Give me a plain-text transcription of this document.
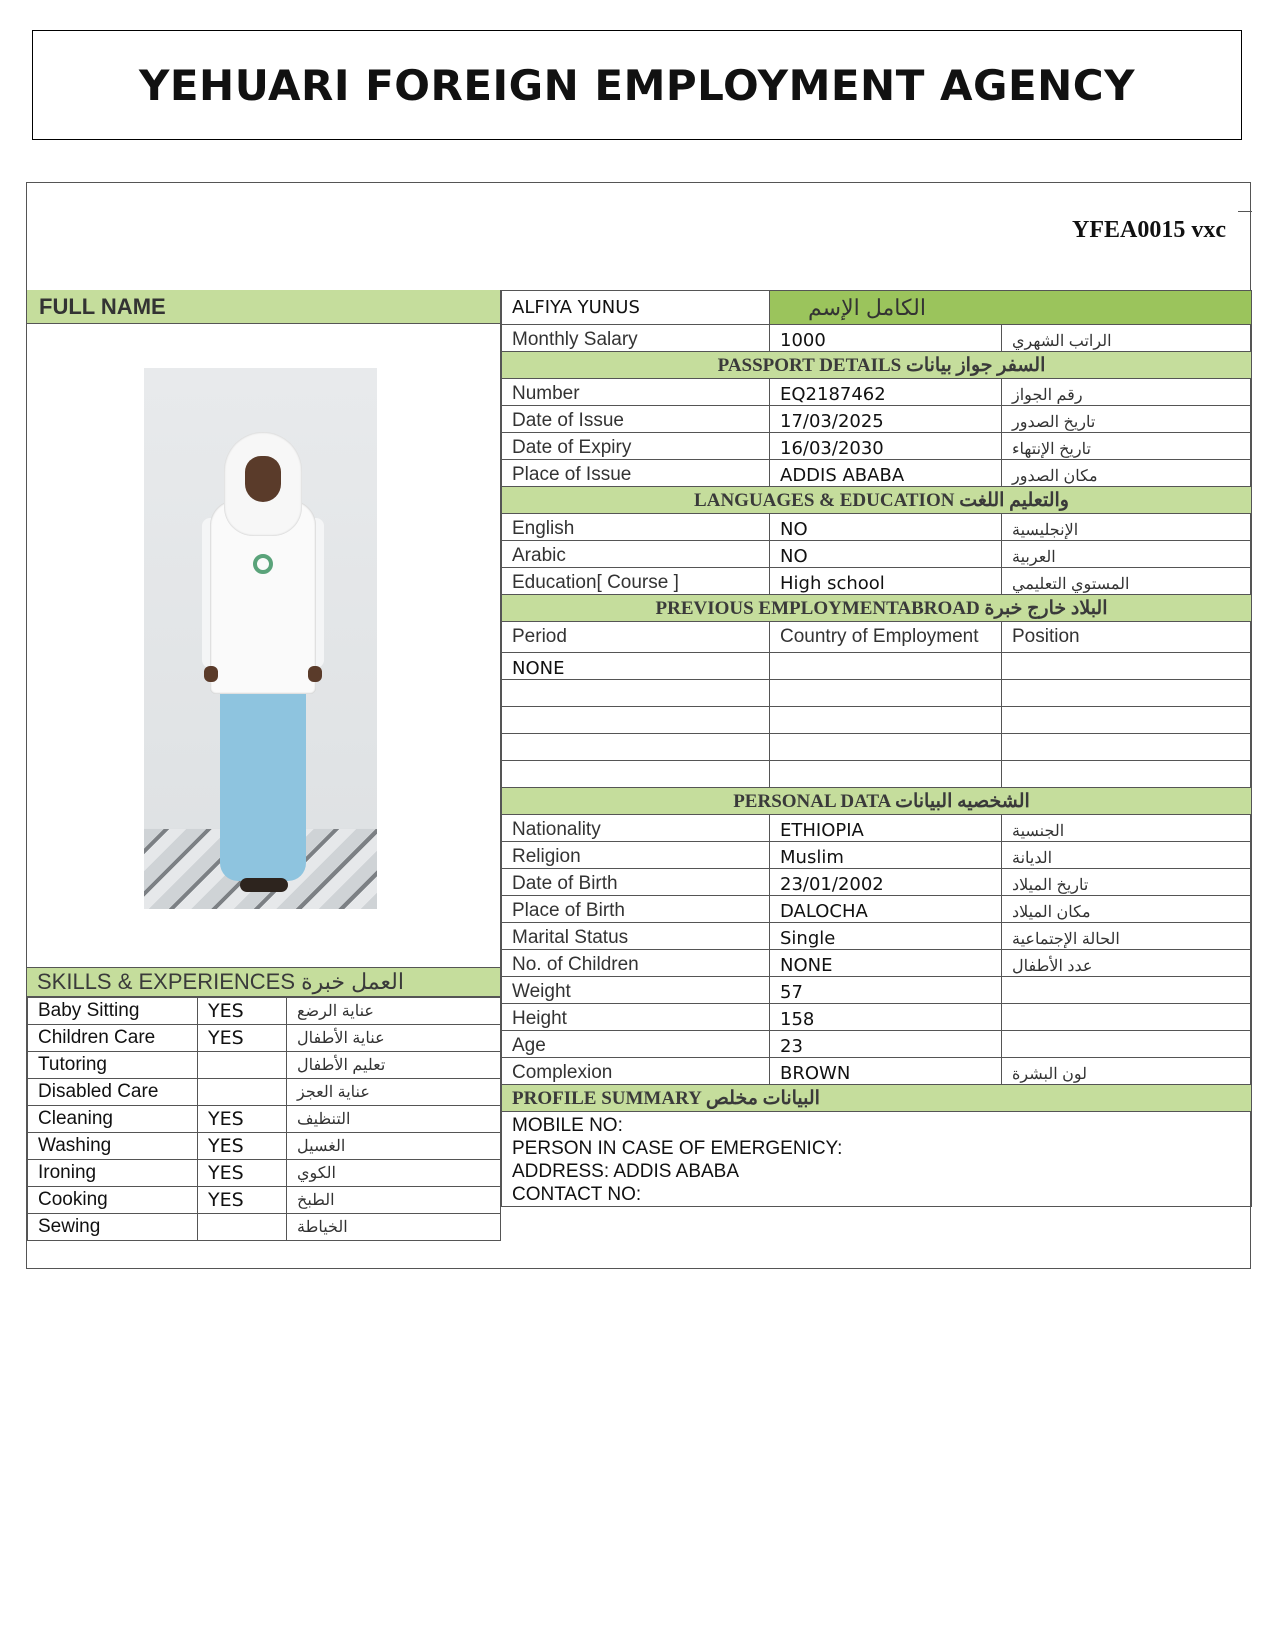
YEHUARI FOREIGN EMPLOYMENT AGENCY
YFEA0015 vxc
FULL NAME
SKILLS & EXPERIENCES العمل خبرة
Baby Sitting	YES	عناية الرضع
Children Care	YES	عناية الأطفال
Tutoring		تعليم الأطفال
Disabled Care		عناية العجز
Cleaning	YES	التنظيف
Washing	YES	الغسيل
Ironing	YES	الكوي
Cooking	YES	الطبخ
Sewing		الخياطة
ALFIYA YUNUS	الكامل الإسم	
Monthly Salary	1000	الراتب الشهري
PASSPORT DETAILS السفر جواز بيانات		
Number	EQ2187462	رقم الجواز
Date of Issue	17/03/2025	تاريخ الصدور
Date of Expiry	16/03/2030	تاريخ الإنتهاء
Place of Issue	ADDIS ABABA	مكان الصدور
LANGUAGES & EDUCATION والتعليم اللغت		
English	NO	الإنجليسية
Arabic	NO	العربية
Education[ Course ]	High school	المستوي التعليمي
PREVIOUS EMPLOYMENTABROAD البلاد خارج خبرة		
Period	Country of Employment	Position
NONE		

PERSONAL DATA الشخصيه البيانات		
Nationality	ETHIOPIA	الجنسية
Religion	Muslim	الديانة
Date of Birth	23/01/2002	تاريخ الميلاد
Place of Birth	DALOCHA	مكان الميلاد
Marital Status	Single	الحالة الإجتماعية
No. of Children	NONE	عدد الأطفال
Weight	57	
Height	158	
Age	23	
Complexion	BROWN	لون البشرة
PROFILE SUMMARY البيانات مخلص		

MOBILE NO:
PERSON IN CASE OF EMERGENICY:
ADDRESS: ADDIS ABABA
CONTACT NO:		
